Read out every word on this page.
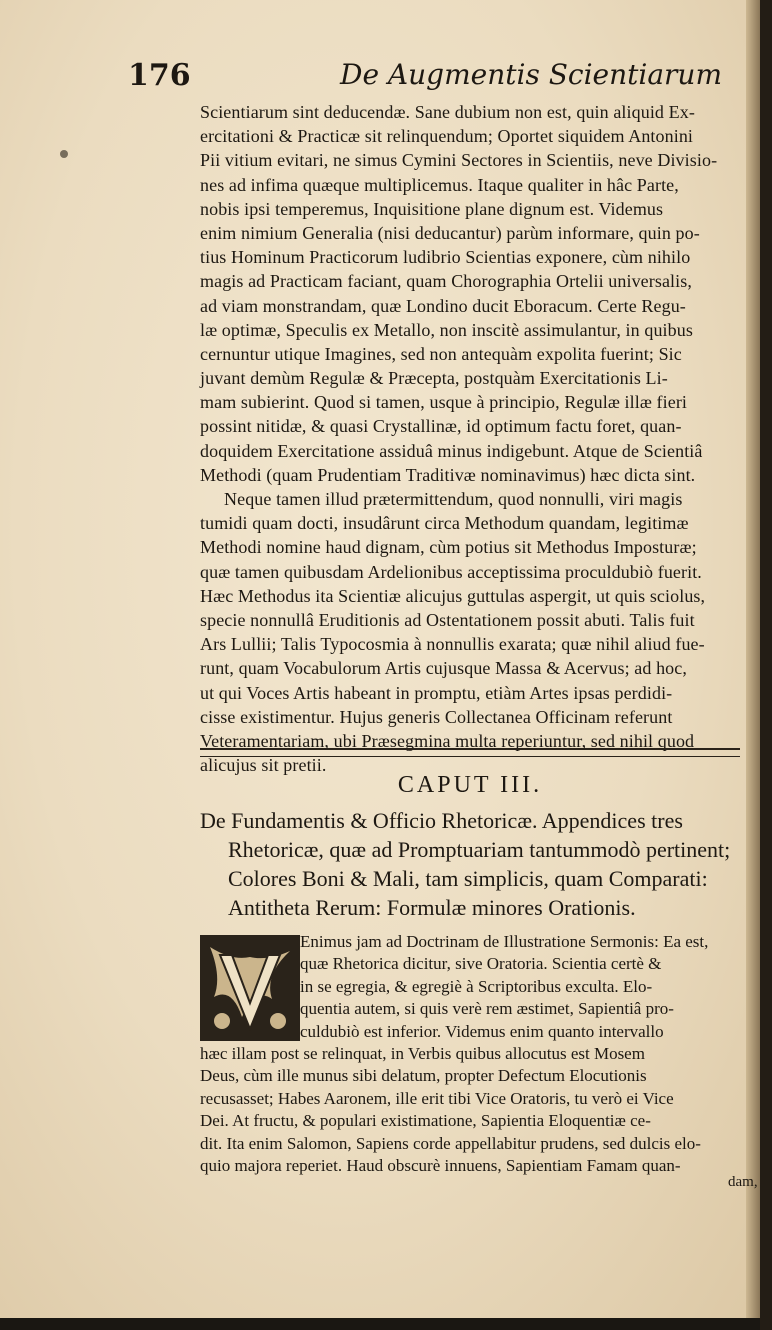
176	De Augmentis Scientiarum
Scientiarum sint deducendæ. Sane dubium non est, quin aliquid Ex-
ercitationi & Practicæ sit relinquendum; Oportet siquidem Antonini
Pii vitium evitari, ne simus Cymini Sectores in Scientiis, neve Divisio-
nes ad infima quæque multiplicemus. Itaque qualiter in hâc Parte,
nobis ipsi temperemus, Inquisitione plane dignum est. Videmus
enim nimium Generalia (nisi deducantur) parùm informare, quin po-
tius Hominum Practicorum ludibrio Scientias exponere, cùm nihilo
magis ad Practicam faciant, quam Chorographia Ortelii universalis,
ad viam monstrandam, quæ Londino ducit Eboracum. Certe Regu-
læ optimæ, Speculis ex Metallo, non inscitè assimulantur, in quibus
cernuntur utique Imagines, sed non antequàm expolita fuerint; Sic
juvant demùm Regulæ & Præcepta, postquàm Exercitationis Li-
mam subierint. Quod si tamen, usque à principio, Regulæ illæ fieri
possint nitidæ, & quasi Crystallinæ, id optimum factu foret, quan-
doquidem Exercitatione assiduâ minus indigebunt. Atque de Scientiâ
Methodi (quam Prudentiam Traditivæ nominavimus) hæc dicta sint.
Neque tamen illud prætermittendum, quod nonnulli, viri magis
tumidi quam docti, insudârunt circa Methodum quandam, legitimæ
Methodi nomine haud dignam, cùm potius sit Methodus Imposturæ;
quæ tamen quibusdam Ardelionibus acceptissima proculdubiò fuerit.
Hæc Methodus ita Scientiæ alicujus guttulas aspergit, ut quis sciolus,
specie nonnullâ Eruditionis ad Ostentationem possit abuti. Talis fuit
Ars Lullii; Talis Typocosmia à nonnullis exarata; quæ nihil aliud fue-
runt, quam Vocabulorum Artis cujusque Massa & Acervus; ad hoc,
ut qui Voces Artis habeant in promptu, etiàm Artes ipsas perdidi-
cisse existimentur. Hujus generis Collectanea Officinam referunt
Veteramentariam, ubi Præsegmina multa reperiuntur, sed nihil quod
alicujus sit pretii.
CAPUT III.
De Fundamentis & Officio Rhetoricæ. Appendices tres
Rhetoricæ, quæ ad Promptuariam tantummodò pertinent;
Colores Boni & Mali, tam simplicis, quam Comparati:
Antitheta Rerum: Formulæ minores Orationis.
Enimus jam ad Doctrinam de Illustratione Sermonis: Ea est,
quæ Rhetorica dicitur, sive Oratoria. Scientia certè &
in se egregia, & egregiè à Scriptoribus exculta. Elo-
quentia autem, si quis verè rem æstimet, Sapientiâ pro-
culdubiò est inferior. Videmus enim quanto intervallo
hæc illam post se relinquat, in Verbis quibus allocutus est Mosem
Deus, cùm ille munus sibi delatum, propter Defectum Elocutionis
recusasset; Habes Aaronem, ille erit tibi Vice Oratoris, tu verò ei Vice
Dei. At fructu, & populari existimatione, Sapientia Eloquentiæ ce-
dit. Ita enim Salomon, Sapiens corde appellabitur prudens, sed dulcis elo-
quio majora reperiet. Haud obscurè innuens, Sapientiam Famam quan-
dam,
